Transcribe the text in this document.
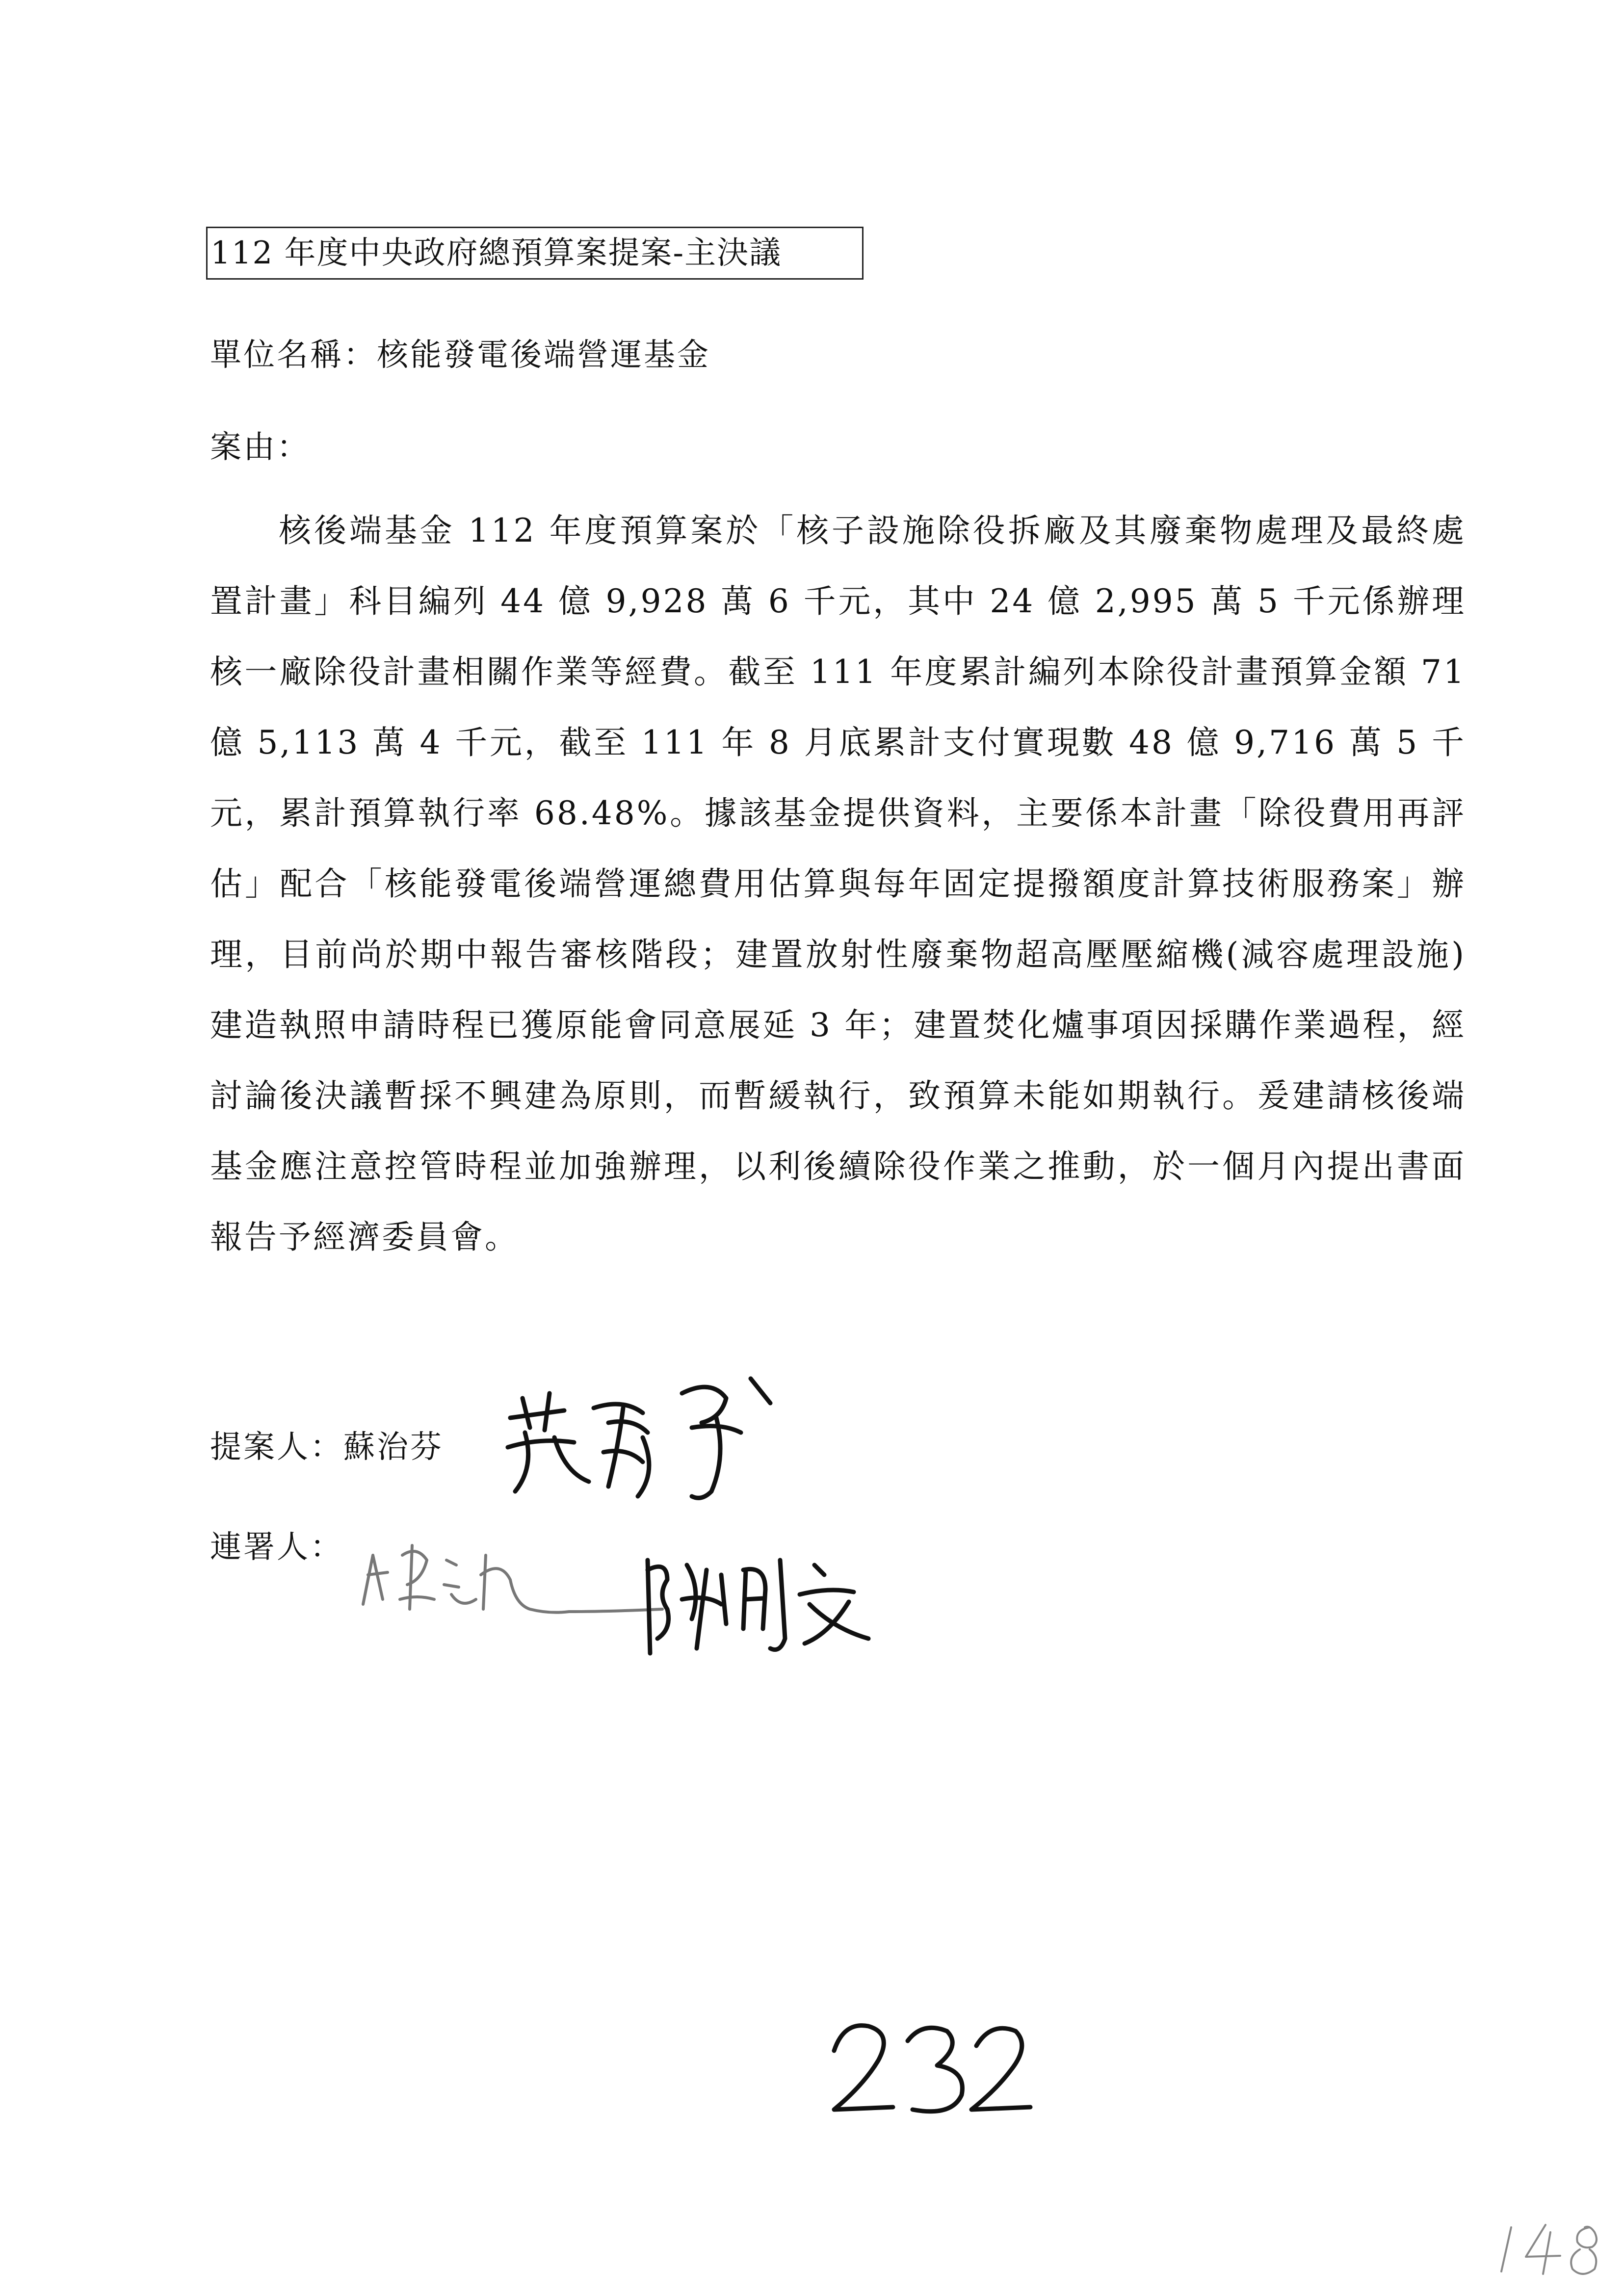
112 年度中央政府總預算案提案-主決議
單位名稱：核能發電後端營運基金
案由：
核後端基金 112 年度預算案於「核子設施除役拆廠及其廢棄物處理及最終處置計畫」科目編列 44 億 9,928 萬 6 千元，其中 24 億 2,995 萬 5 千元係辦理核一廠除役計畫相關作業等經費。截至 111 年度累計編列本除役計畫預算金額 71 億 5,113 萬 4 千元，截至 111 年 8 月底累計支付實現數 48 億 9,716 萬 5 千元，累計預算執行率 68.48%。據該基金提供資料，主要係本計畫「除役費用再評估」配合「核能發電後端營運總費用估算與每年固定提撥額度計算技術服務案」辦理，目前尚於期中報告審核階段；建置放射性廢棄物超高壓壓縮機(減容處理設施)建造執照申請時程已獲原能會同意展延 3 年；建置焚化爐事項因採購作業過程，經討論後決議暫採不興建為原則，而暫緩執行，致預算未能如期執行。爰建請核後端基金應注意控管時程並加強辦理，以利後續除役作業之推動，於一個月內提出書面報告予經濟委員會。
提案人：蘇治芬
連署人：
